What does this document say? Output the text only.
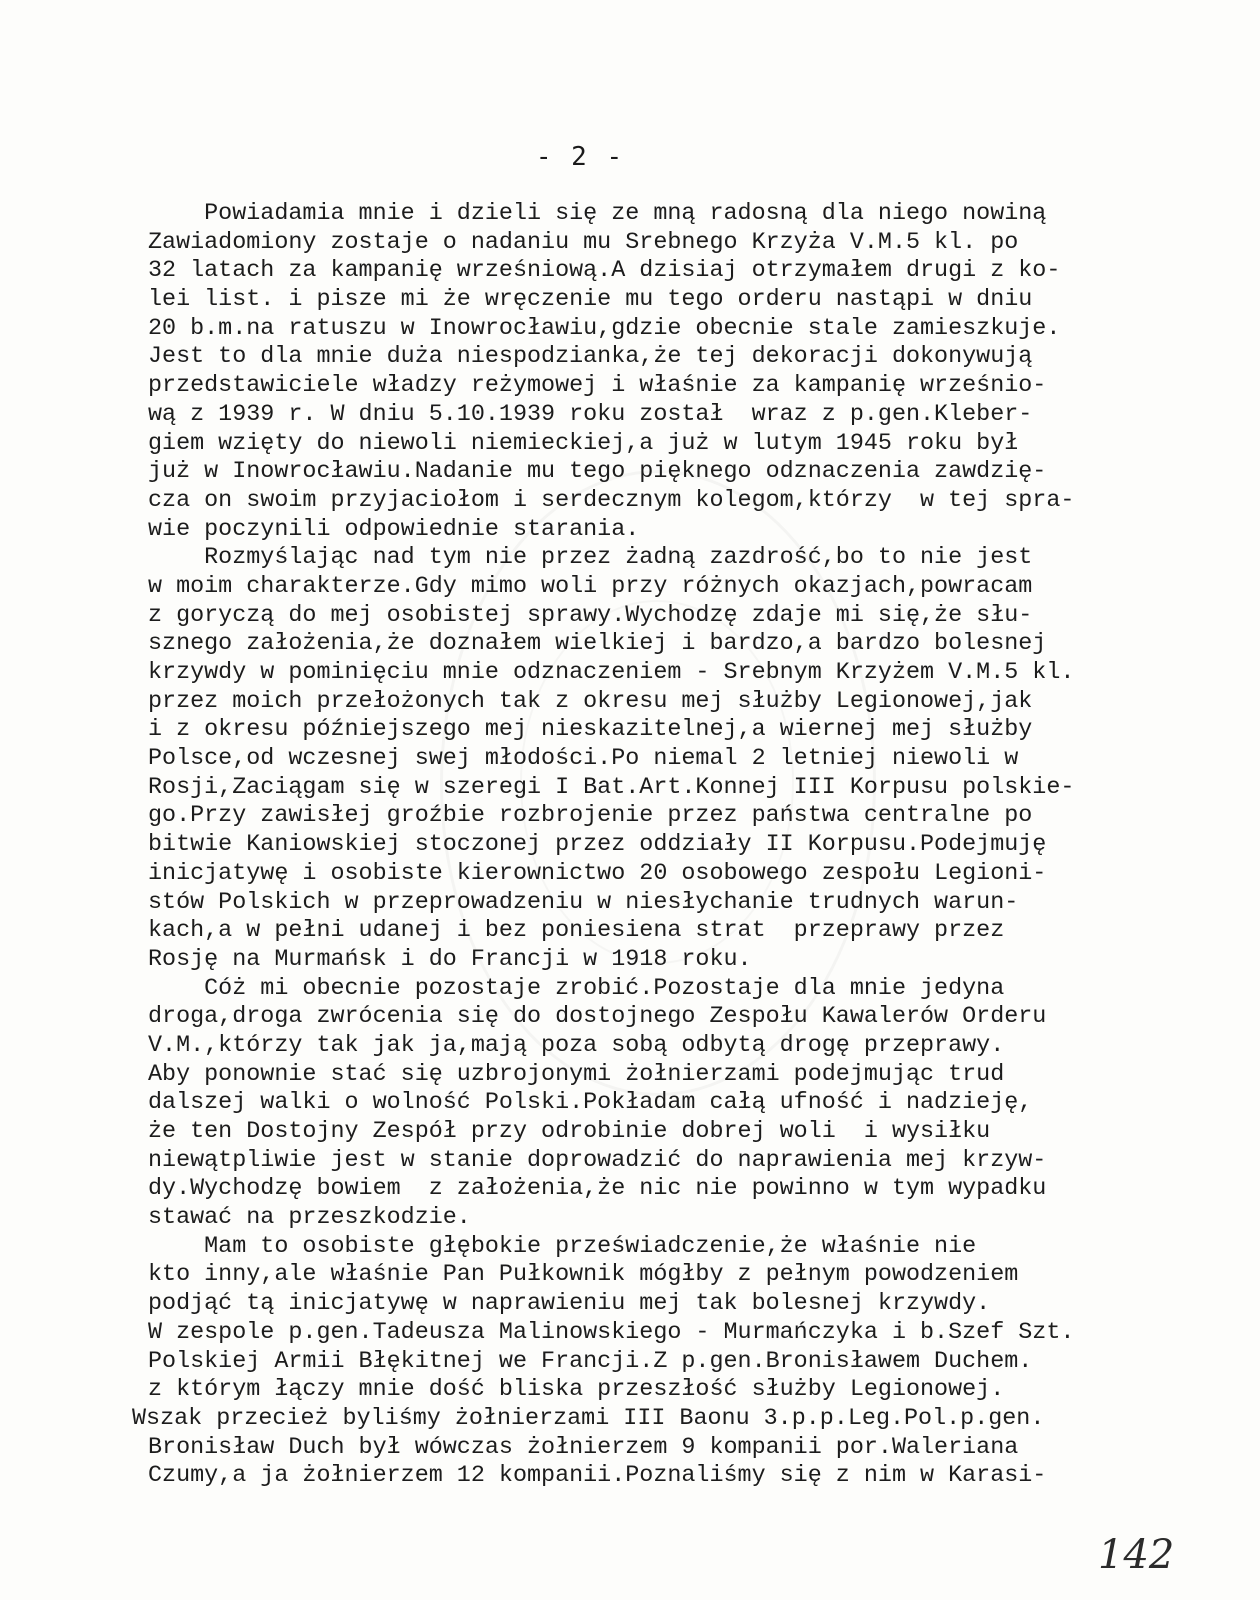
- 2 -
Powiadamia mnie i dzieli się ze mną radosną dla niego nowiną
Zawiadomiony zostaje o nadaniu mu Srebnego Krzyża V.M.5 kl. po
32 latach za kampanię wrześniową.A dzisiaj otrzymałem drugi z ko-
lei list. i pisze mi że wręczenie mu tego orderu nastąpi w dniu
20 b.m.na ratuszu w Inowrocławiu,gdzie obecnie stale zamieszkuje.
Jest to dla mnie duża niespodzianka,że tej dekoracji dokonywują
przedstawiciele władzy reżymowej i właśnie za kampanię wrześnio-
wą z 1939 r. W dniu 5.10.1939 roku został  wraz z p.gen.Kleber-
giem wzięty do niewoli niemieckiej,a już w lutym 1945 roku był
już w Inowrocławiu.Nadanie mu tego pięknego odznaczenia zawdzię-
cza on swoim przyjaciołom i serdecznym kolegom,którzy  w tej spra-
wie poczynili odpowiednie starania.
Rozmyślając nad tym nie przez żadną zazdrość,bo to nie jest
w moim charakterze.Gdy mimo woli przy różnych okazjach,powracam
z goryczą do mej osobistej sprawy.Wychodzę zdaje mi się,że słu-
sznego założenia,że doznałem wielkiej i bardzo,a bardzo bolesnej
krzywdy w pominięciu mnie odznaczeniem - Srebnym Krzyżem V.M.5 kl.
przez moich przełożonych tak z okresu mej służby Legionowej,jak
i z okresu późniejszego mej nieskazitelnej,a wiernej mej służby
Polsce,od wczesnej swej młodości.Po niemal 2 letniej niewoli w
Rosji,Zaciągam się w szeregi I Bat.Art.Konnej III Korpusu polskie-
go.Przy zawisłej groźbie rozbrojenie przez państwa centralne po
bitwie Kaniowskiej stoczonej przez oddziały II Korpusu.Podejmuję
inicjatywę i osobiste kierownictwo 20 osobowego zespołu Legioni-
stów Polskich w przeprowadzeniu w niesłychanie trudnych warun-
kach,a w pełni udanej i bez poniesiena strat  przeprawy przez
Rosję na Murmańsk i do Francji w 1918 roku.
Cóż mi obecnie pozostaje zrobić.Pozostaje dla mnie jedyna
droga,droga zwrócenia się do dostojnego Zespołu Kawalerów Orderu
V.M.,którzy tak jak ja,mają poza sobą odbytą drogę przeprawy.
Aby ponownie stać się uzbrojonymi żołnierzami podejmując trud
dalszej walki o wolność Polski.Pokładam całą ufność i nadzieję,
że ten Dostojny Zespół przy odrobinie dobrej woli  i wysiłku
niewątpliwie jest w stanie doprowadzić do naprawienia mej krzyw-
dy.Wychodzę bowiem  z założenia,że nic nie powinno w tym wypadku
stawać na przeszkodzie.
Mam to osobiste głębokie przeświadczenie,że właśnie nie
kto inny,ale właśnie Pan Pułkownik mógłby z pełnym powodzeniem
podjąć tą inicjatywę w naprawieniu mej tak bolesnej krzywdy.
W zespole p.gen.Tadeusza Malinowskiego - Murmańczyka i b.Szef Szt.
Polskiej Armii Błękitnej we Francji.Z p.gen.Bronisławem Duchem.
z którym łączy mnie dość bliska przeszłość służby Legionowej.
Wszak przecież byliśmy żołnierzami III Baonu 3.p.p.Leg.Pol.p.gen.
Bronisław Duch był wówczas żołnierzem 9 kompanii por.Waleriana
Czumy,a ja żołnierzem 12 kompanii.Poznaliśmy się z nim w Karasi-
142
